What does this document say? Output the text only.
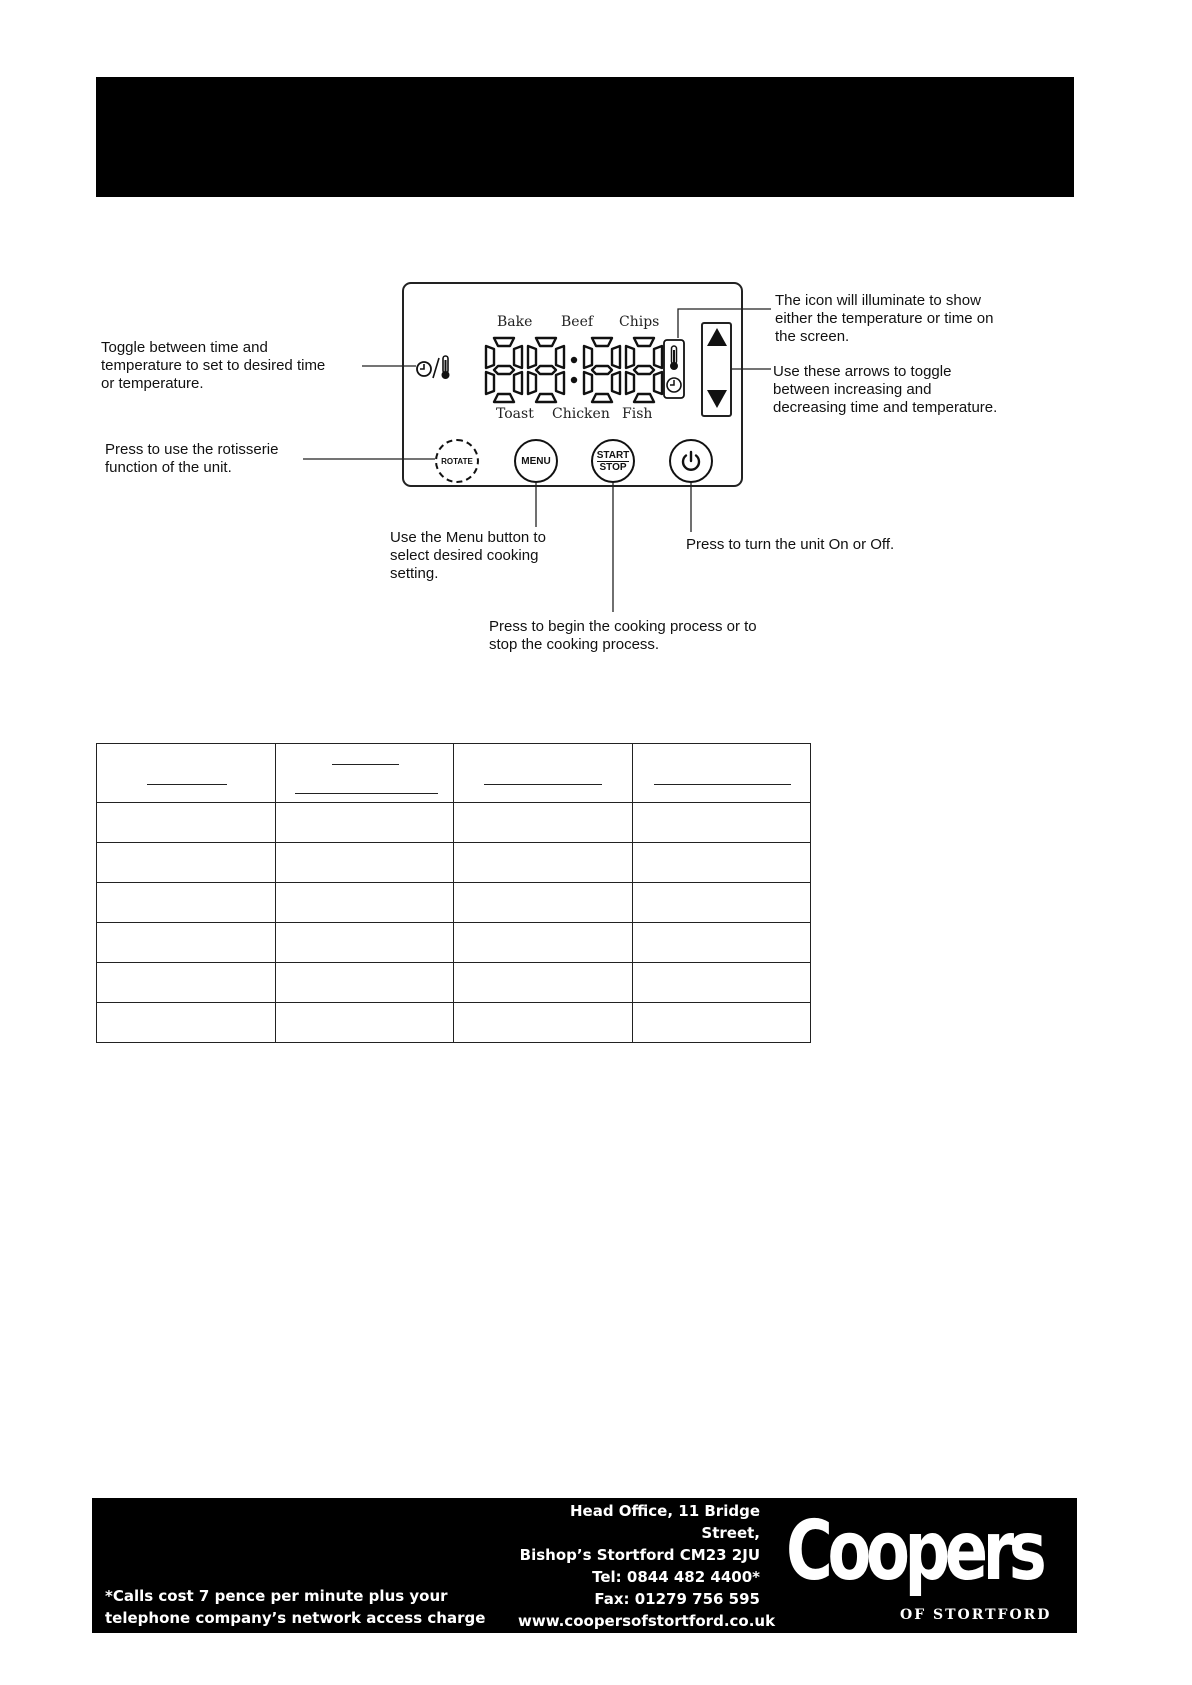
Bake Beef Chips
Toast Chicken Fish
88:88
ROTATE	MENU
START
STOP
Toggle between time and
temperature to set to desired time
or temperature.
Press to use the rotisserie
function of the unit.
Use the Menu button to
select desired cooking
setting.
Press to begin the cooking process or to
stop the cooking process.
Press to turn the unit On or Off.
The icon will illuminate to show
either the temperature or time on
the screen.
Use these arrows to toggle
between increasing and
decreasing time and temperature.

Head Office, 11 Bridge Street,
Bishop’s Stortford CM23 2JU
Tel: 0844 482 4400*
Fax: 01279 756 595
www.coopersofstortford.co.uk
*Calls cost 7 pence per minute plus your
telephone company’s network access charge
Coopers
OF STORTFORD
